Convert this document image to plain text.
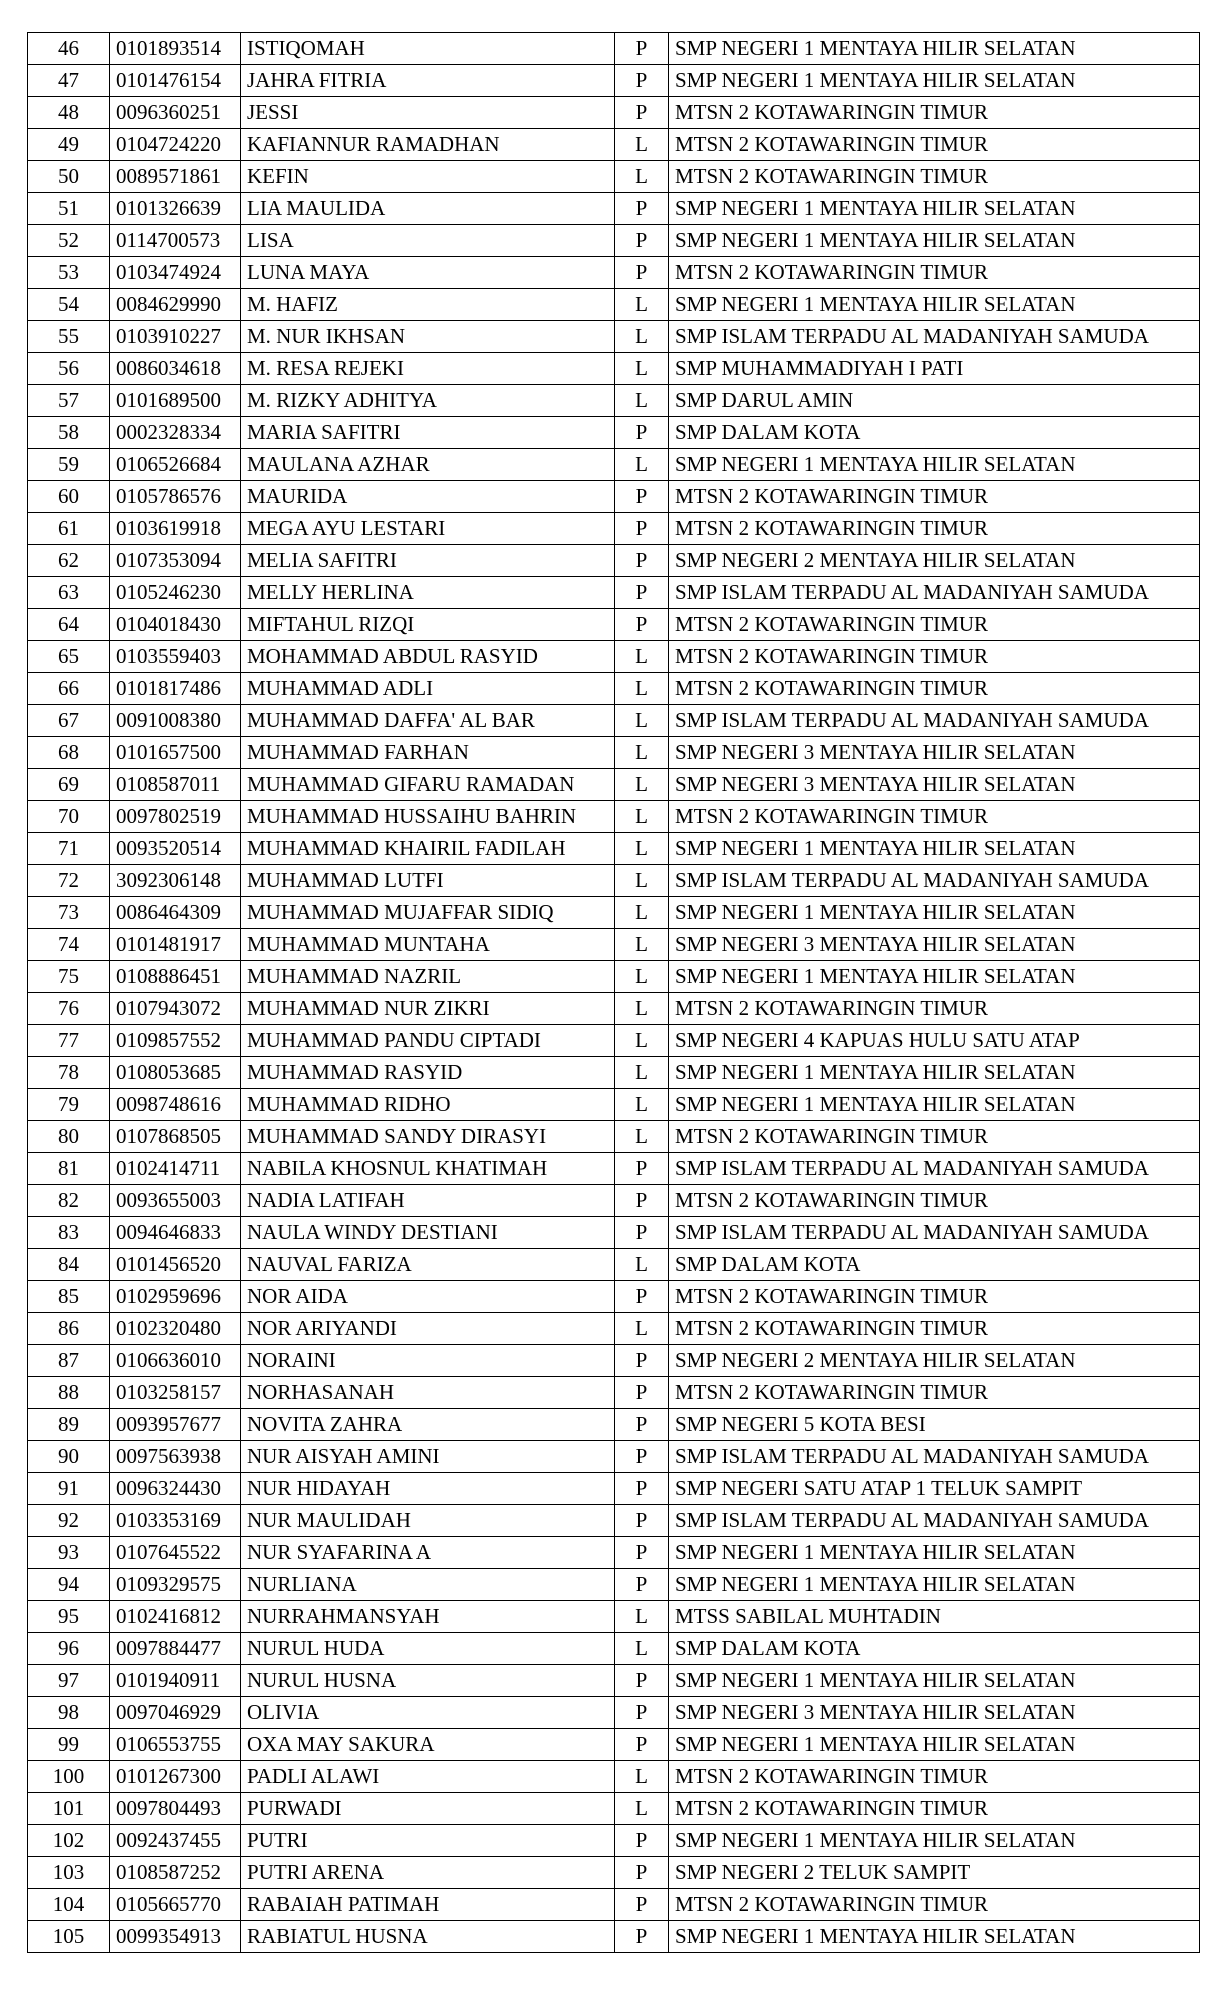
46	0101893514	ISTIQOMAH	P	SMP NEGERI 1 MENTAYA HILIR SELATAN
47	0101476154	JAHRA FITRIA	P	SMP NEGERI 1 MENTAYA HILIR SELATAN
48	0096360251	JESSI	P	MTSN 2 KOTAWARINGIN TIMUR
49	0104724220	KAFIANNUR RAMADHAN	L	MTSN 2 KOTAWARINGIN TIMUR
50	0089571861	KEFIN	L	MTSN 2 KOTAWARINGIN TIMUR
51	0101326639	LIA MAULIDA	P	SMP NEGERI 1 MENTAYA HILIR SELATAN
52	0114700573	LISA	P	SMP NEGERI 1 MENTAYA HILIR SELATAN
53	0103474924	LUNA MAYA	P	MTSN 2 KOTAWARINGIN TIMUR
54	0084629990	M. HAFIZ	L	SMP NEGERI 1 MENTAYA HILIR SELATAN
55	0103910227	M. NUR IKHSAN	L	SMP ISLAM TERPADU AL MADANIYAH SAMUDA
56	0086034618	M. RESA REJEKI	L	SMP MUHAMMADIYAH I PATI
57	0101689500	M. RIZKY ADHITYA	L	SMP DARUL AMIN
58	0002328334	MARIA SAFITRI	P	SMP DALAM KOTA
59	0106526684	MAULANA AZHAR	L	SMP NEGERI 1 MENTAYA HILIR SELATAN
60	0105786576	MAURIDA	P	MTSN 2 KOTAWARINGIN TIMUR
61	0103619918	MEGA AYU LESTARI	P	MTSN 2 KOTAWARINGIN TIMUR
62	0107353094	MELIA SAFITRI	P	SMP NEGERI 2 MENTAYA HILIR SELATAN
63	0105246230	MELLY HERLINA	P	SMP ISLAM TERPADU AL MADANIYAH SAMUDA
64	0104018430	MIFTAHUL RIZQI	P	MTSN 2 KOTAWARINGIN TIMUR
65	0103559403	MOHAMMAD ABDUL RASYID	L	MTSN 2 KOTAWARINGIN TIMUR
66	0101817486	MUHAMMAD ADLI	L	MTSN 2 KOTAWARINGIN TIMUR
67	0091008380	MUHAMMAD DAFFA' AL BAR	L	SMP ISLAM TERPADU AL MADANIYAH SAMUDA
68	0101657500	MUHAMMAD FARHAN	L	SMP NEGERI 3 MENTAYA HILIR SELATAN
69	0108587011	MUHAMMAD GIFARU RAMADAN	L	SMP NEGERI 3 MENTAYA HILIR SELATAN
70	0097802519	MUHAMMAD HUSSAIHU BAHRIN	L	MTSN 2 KOTAWARINGIN TIMUR
71	0093520514	MUHAMMAD KHAIRIL FADILAH	L	SMP NEGERI 1 MENTAYA HILIR SELATAN
72	3092306148	MUHAMMAD LUTFI	L	SMP ISLAM TERPADU AL MADANIYAH SAMUDA
73	0086464309	MUHAMMAD MUJAFFAR SIDIQ	L	SMP NEGERI 1 MENTAYA HILIR SELATAN
74	0101481917	MUHAMMAD MUNTAHA	L	SMP NEGERI 3 MENTAYA HILIR SELATAN
75	0108886451	MUHAMMAD NAZRIL	L	SMP NEGERI 1 MENTAYA HILIR SELATAN
76	0107943072	MUHAMMAD NUR ZIKRI	L	MTSN 2 KOTAWARINGIN TIMUR
77	0109857552	MUHAMMAD PANDU CIPTADI	L	SMP NEGERI 4 KAPUAS HULU SATU ATAP
78	0108053685	MUHAMMAD RASYID	L	SMP NEGERI 1 MENTAYA HILIR SELATAN
79	0098748616	MUHAMMAD RIDHO	L	SMP NEGERI 1 MENTAYA HILIR SELATAN
80	0107868505	MUHAMMAD SANDY DIRASYI	L	MTSN 2 KOTAWARINGIN TIMUR
81	0102414711	NABILA KHOSNUL KHATIMAH	P	SMP ISLAM TERPADU AL MADANIYAH SAMUDA
82	0093655003	NADIA LATIFAH	P	MTSN 2 KOTAWARINGIN TIMUR
83	0094646833	NAULA WINDY DESTIANI	P	SMP ISLAM TERPADU AL MADANIYAH SAMUDA
84	0101456520	NAUVAL FARIZA	L	SMP DALAM KOTA
85	0102959696	NOR AIDA	P	MTSN 2 KOTAWARINGIN TIMUR
86	0102320480	NOR ARIYANDI	L	MTSN 2 KOTAWARINGIN TIMUR
87	0106636010	NORAINI	P	SMP NEGERI 2 MENTAYA HILIR SELATAN
88	0103258157	NORHASANAH	P	MTSN 2 KOTAWARINGIN TIMUR
89	0093957677	NOVITA ZAHRA	P	SMP NEGERI 5 KOTA BESI
90	0097563938	NUR AISYAH AMINI	P	SMP ISLAM TERPADU AL MADANIYAH SAMUDA
91	0096324430	NUR HIDAYAH	P	SMP NEGERI SATU ATAP 1 TELUK SAMPIT
92	0103353169	NUR MAULIDAH	P	SMP ISLAM TERPADU AL MADANIYAH SAMUDA
93	0107645522	NUR SYAFARINA A	P	SMP NEGERI 1 MENTAYA HILIR SELATAN
94	0109329575	NURLIANA	P	SMP NEGERI 1 MENTAYA HILIR SELATAN
95	0102416812	NURRAHMANSYAH	L	MTSS SABILAL MUHTADIN
96	0097884477	NURUL HUDA	L	SMP DALAM KOTA
97	0101940911	NURUL HUSNA	P	SMP NEGERI 1 MENTAYA HILIR SELATAN
98	0097046929	OLIVIA	P	SMP NEGERI 3 MENTAYA HILIR SELATAN
99	0106553755	OXA MAY SAKURA	P	SMP NEGERI 1 MENTAYA HILIR SELATAN
100	0101267300	PADLI ALAWI	L	MTSN 2 KOTAWARINGIN TIMUR
101	0097804493	PURWADI	L	MTSN 2 KOTAWARINGIN TIMUR
102	0092437455	PUTRI	P	SMP NEGERI 1 MENTAYA HILIR SELATAN
103	0108587252	PUTRI ARENA	P	SMP NEGERI 2 TELUK SAMPIT
104	0105665770	RABAIAH PATIMAH	P	MTSN 2 KOTAWARINGIN TIMUR
105	0099354913	RABIATUL HUSNA	P	SMP NEGERI 1 MENTAYA HILIR SELATAN
